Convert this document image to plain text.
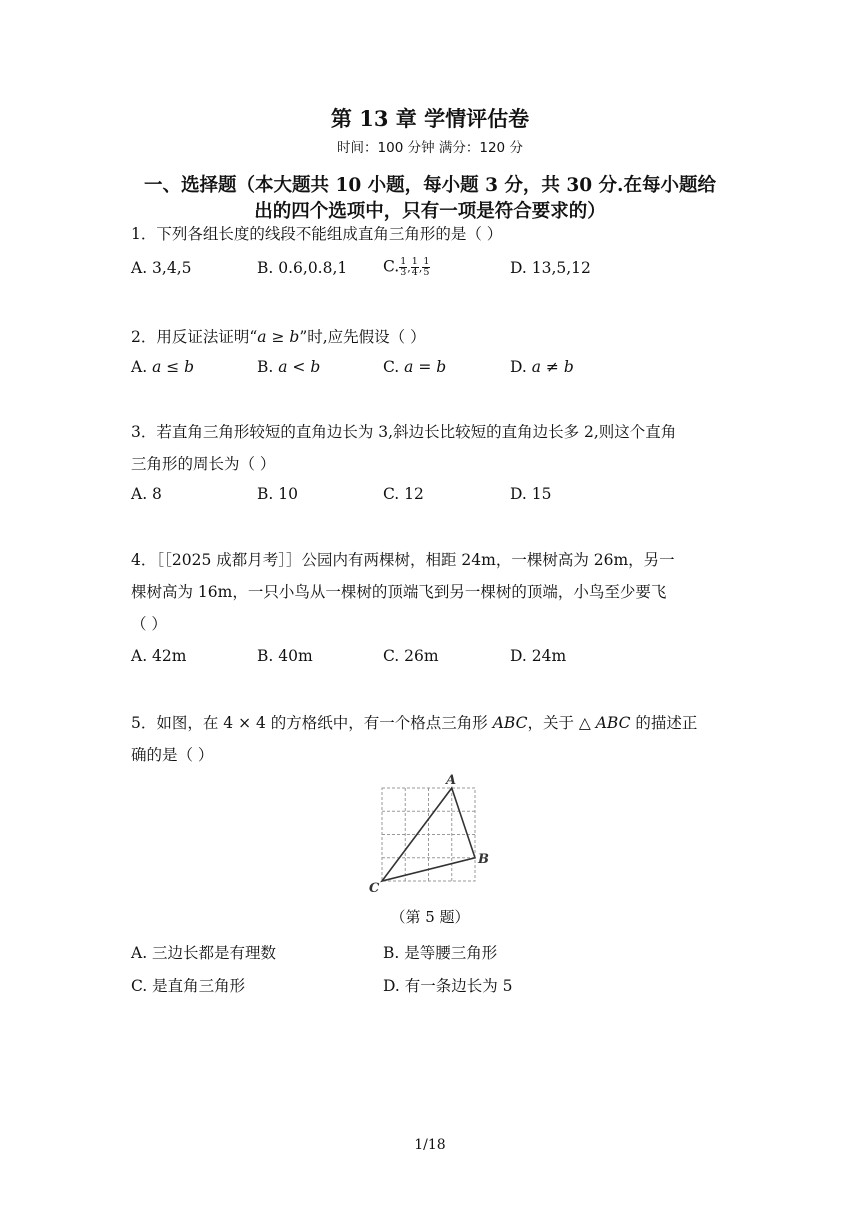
第 13 章 学情评估卷
时间：100 分钟 满分：120 分
一、选择题（本大题共 10 小题，每小题 3 分，共 30 分.在每小题给
出的四个选项中，只有一项是符合要求的）
1．下列各组长度的线段不能组成直角三角形的是（ ）
A. 3,4,5	B. 0.6,0.8,1 C. $\frac{1}{3}$ , $\frac{1}{4}$ , $\frac{1}{5}$	D. 13,5,12
2．用反证法证明“a ≥ b”时,应先假设（ ）
A. a ≤ b	B. a < b	C. a = b	D. a ≠ b
3．若直角三角形较短的直角边长为 3,斜边长比较短的直角边长多 2,则这个直角
三角形的周长为（ ）
A. 8	B. 10	C. 12	D. 15
4．［［2025 成都月考］］公园内有两棵树，相距 24m，一棵树高为 26m，另一
棵树高为 16m，一只小鸟从一棵树的顶端飞到另一棵树的顶端，小鸟至少要飞
（ ）
A. 42m	B. 40m	C. 26m	D. 24m
5．如图，在 4 × 4 的方格纸中，有一个格点三角形 ABC，关于 △ ABC 的描述正
确的是（ ）
A
B
C
（第 5 题）
A. 三边长都是有理数	B. 是等腰三角形
C. 是直角三角形	D. 有一条边长为 5
1/18
